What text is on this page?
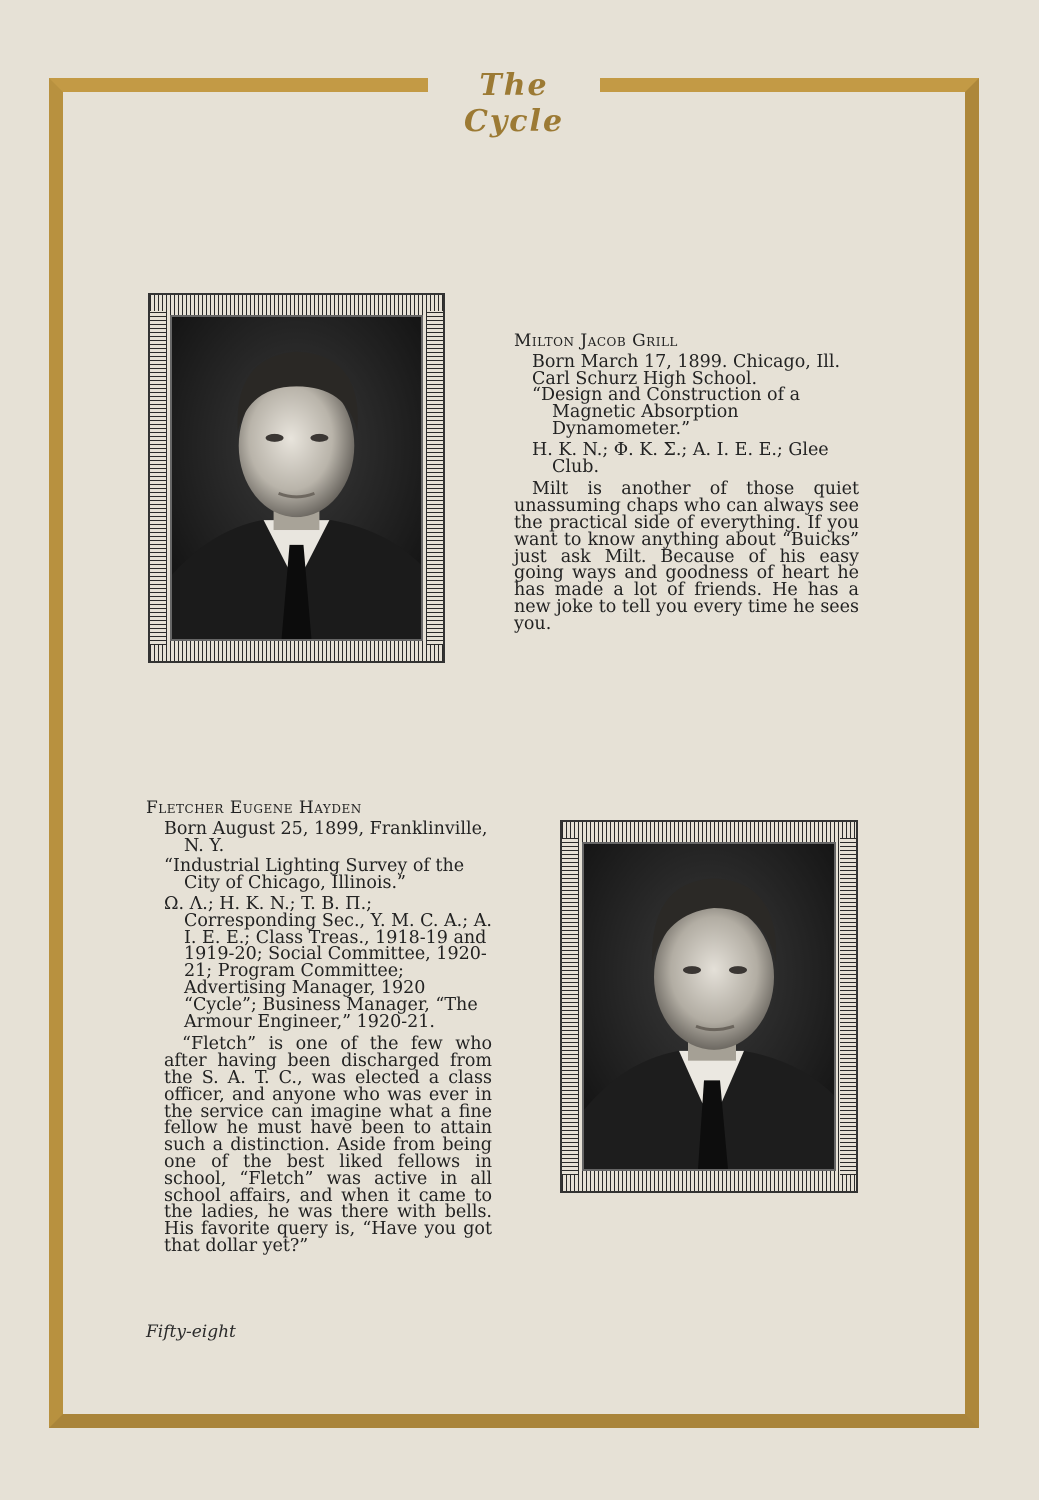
The Cycle
Milton Jacob Grill
Born March 17, 1899. Chicago, Ill.
Carl Schurz High School.
“Design and Construction of a Magnetic Absorption Dynamometer.”
H. K. N.; Φ. K. Σ.; A. I. E. E.; Glee Club.
Milt is another of those quiet unassuming chaps who can always see the practical side of everything. If you want to know anything about “Buicks” just ask Milt. Because of his easy going ways and goodness of heart he has made a lot of friends. He has a new joke to tell you every time he sees you.
Fletcher Eugene Hayden
Born August 25, 1899, Franklinville, N. Y.
“Industrial Lighting Survey of the City of Chicago, Illinois.”
Ω. Λ.; H. K. N.; T. B. Π.; Corresponding Sec., Y. M. C. A.; A. I. E. E.; Class Treas., 1918-19 and 1919-20; Social Committee, 1920-21; Program Committee; Advertising Manager, 1920 “Cycle”; Business Manager, “The Armour Engineer,” 1920-21.
“Fletch” is one of the few who after having been discharged from the S. A. T. C., was elected a class officer, and anyone who was ever in the service can imagine what a fine fellow he must have been to attain such a distinction. Aside from being one of the best liked fellows in school, “Fletch” was active in all school affairs, and when it came to the ladies, he was there with bells. His favorite query is, “Have you got that dollar yet?”
Fifty-eight
